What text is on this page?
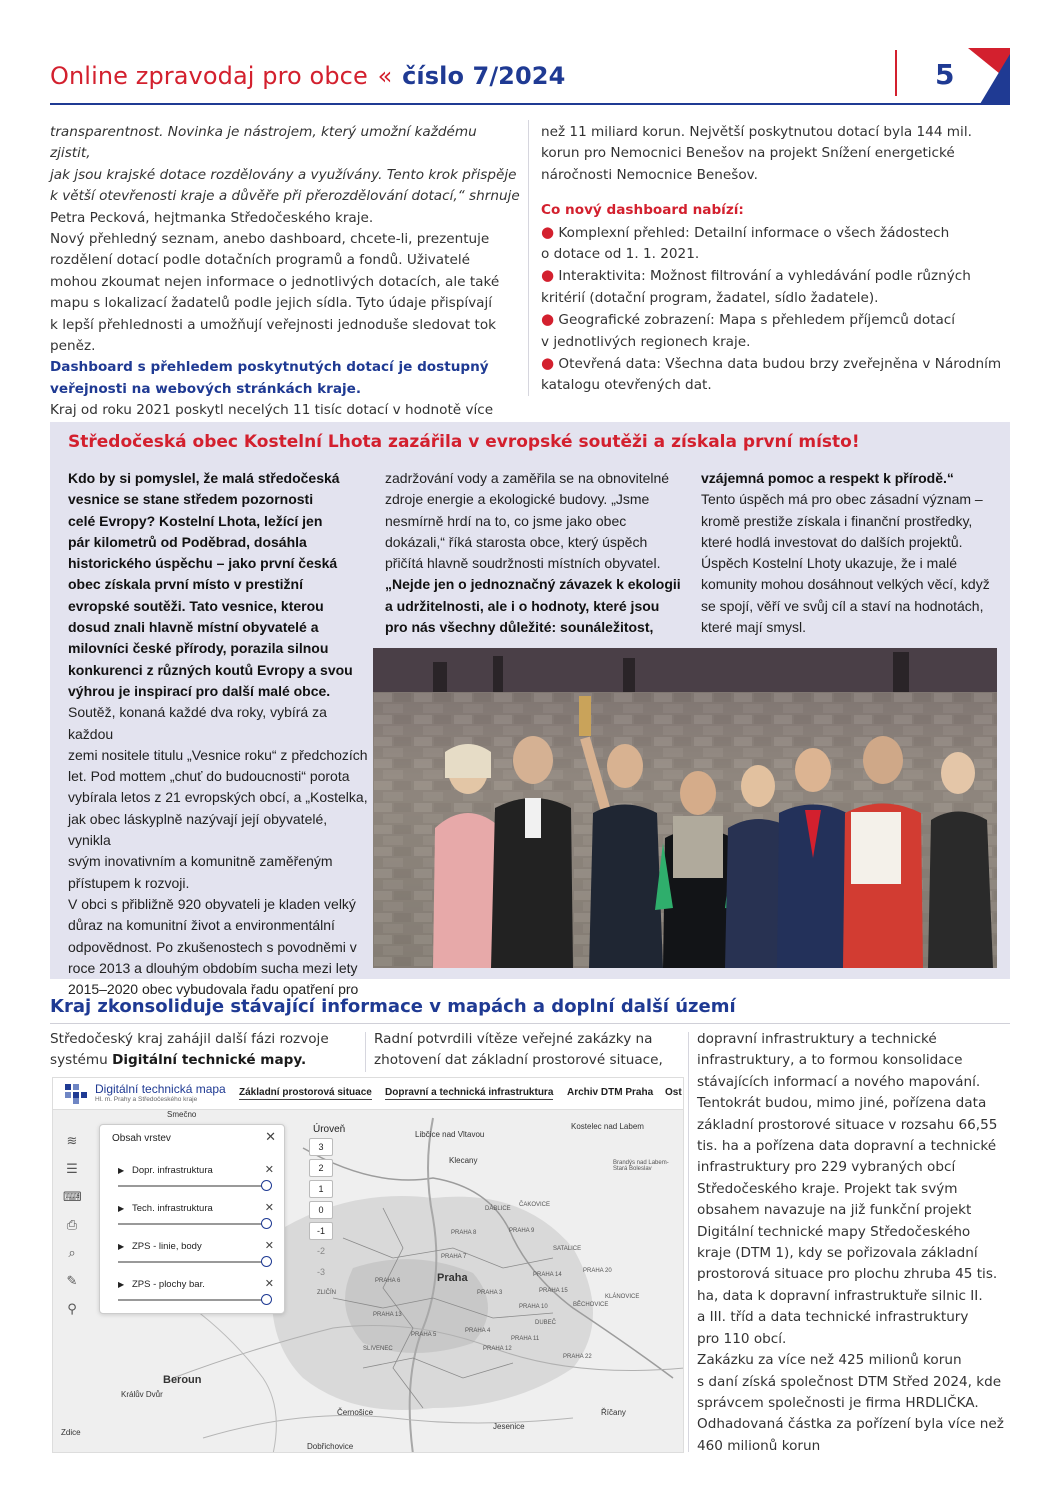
Online zpravodaj pro obce « číslo 7/2024	5

transparentnost. Novinka je nástrojem, který umožní každému zjistit,

jak jsou krajské dotace rozdělovány a využívány. Tento krok přispěje

k větší otevřenosti kraje a důvěře při přerozdělování dotací,“ shrnuje

Petra Pecková, hejtmanka Středočeského kraje.

Nový přehledný seznam, anebo dashboard, chcete-li, prezentuje

rozdělení dotací podle dotačních programů a fondů. Uživatelé

mohou zkoumat nejen informace o jednotlivých dotacích, ale také

mapu s lokalizací žadatelů podle jejich sídla. Tyto údaje přispívají

k lepší přehlednosti a umožňují veřejnosti jednoduše sledovat tok

peněz.

Dashboard s přehledem poskytnutých dotací je dostupný

veřejnosti na webových stránkách kraje.

Kraj od roku 2021 poskytl necelých 11 tisíc dotací v hodnotě více

než 11 miliard korun. Největší poskytnutou dotací byla 144 mil.

korun pro Nemocnici Benešov na projekt Snížení energetické

náročnosti Nemocnice Benešov.

Co nový dashboard nabízí:

● Komplexní přehled: Detailní informace o všech žádostech

o dotace od 1. 1. 2021.

● Interaktivita: Možnost filtrování a vyhledávání podle různých

kritérií (dotační program, žadatel, sídlo žadatele).

● Geografické zobrazení: Mapa s přehledem příjemců dotací

v jednotlivých regionech kraje.

● Otevřená data: Všechna data budou brzy zveřejněna v Národním

katalogu otevřených dat.

Středočeská obec Kostelní Lhota zazářila v evropské soutěži a získala první místo!

Kdo by si pomyslel, že malá středočeská

vesnice se stane středem pozornosti

celé Evropy? Kostelní Lhota, ležící jen

pár kilometrů od Poděbrad, dosáhla

historického úspěchu – jako první česká

obec získala první místo v prestižní

evropské soutěži. Tato vesnice, kterou

dosud znali hlavně místní obyvatelé a

milovníci české přírody, porazila silnou

konkurenci z různých koutů Evropy a svou

výhrou je inspirací pro další malé obce.

Soutěž, konaná každé dva roky, vybírá za každou

zemi nositele titulu „Vesnice roku“ z předchozích

let. Pod mottem „chuť do budoucnosti“ porota

vybírala letos z 21 evropských obcí, a „Kostelka,

jak obec láskyplně nazývají její obyvatelé, vynikla

svým inovativním a komunitně zaměřeným

přístupem k rozvoji.

V obci s přibližně 920 obyvateli je kladen velký

důraz na komunitní život a environmentální

odpovědnost. Po zkušenostech s povodněmi v

roce 2013 a dlouhým obdobím sucha mezi lety

2015–2020 obec vybudovala řadu opatření pro

zadržování vody a zaměřila se na obnovitelné

zdroje energie a ekologické budovy. „Jsme

nesmírně hrdí na to, co jsme jako obec

dokázali,“ říká starosta obce, který úspěch

přičítá hlavně soudržnosti místních obyvatel.

„Nejde jen o jednoznačný závazek k ekologii

a udržitelnosti, ale i o hodnoty, které jsou

pro nás všechny důležité: sounáležitost,

vzájemná pomoc a respekt k přírodě.“

Tento úspěch má pro obec zásadní význam –

kromě prestiže získala i finanční prostředky,

které hodlá investovat do dalších projektů.

Úspěch Kostelní Lhoty ukazuje, že i malé

komunity mohou dosáhnout velkých věcí, když

se spojí, věří ve svůj cíl a staví na hodnotách,

které mají smysl.

Kraj zkonsoliduje stávající informace v mapách a doplní další území

Středočeský kraj zahájil další fázi rozvoje

systému Digitální technické mapy.

Radní potvrdili vítěze veřejné zakázky na

zhotovení dat základní prostorové situace,

dopravní infrastruktury a technické

infrastruktury, a to formou konsolidace

stávajících informací a nového mapování.

Tentokrát budou, mimo jiné, pořízena data

základní prostorové situace v rozsahu 66,55

tis. ha a pořízena data dopravní a technické

infrastruktury pro 229 vybraných obcí

Středočeského kraje. Projekt tak svým

obsahem navazuje na již funkční projekt

Digitální technické mapy Středočeského

kraje (DTM 1), kdy se pořizovala základní

prostorová situace pro plochu zhruba 45 tis.

ha, data k dopravní infrastruktuře silnic II.

a III. tříd a data technické infrastruktury

pro 110 obcí.

Zakázku za více než 425 milionů korun

s daní získá společnost DTM Střed 2024, kde

správcem společnosti je firma HRDLIČKA.

Odhadovaná částka za pořízení byla více než

460 milionů korun

Digitální technická mapa
Hl. m. Prahy a Středočeského kraje
Základní prostorová situace Dopravní a technická infrastruktura Archiv DTM Praha Ost
≋
☰
⌨
⎙
⌕
✎
⚲
Obsah vrstev	✕
▶ Dopr. infrastruktura	✕
▶ Tech. infrastruktura	✕
▶ ZPS - linie, body	✕
▶ ZPS - plochy bar.	✕
Úroveň
3
2
1
0
-1
-2
-3
Smečno
Libčice nad Vltavou
Kostelec nad Labem
Klecany	Brandýs nad Labem-Stará Boleslav
DÁBLICE
ČAKOVICE
PRAHA 8	PRAHA 9
SATALICE
PRAHA 7
PRAHA 14
Praha
PRAHA 20
PRAHA 6
PRAHA 3
PRAHA 10
KLÁNOVICE
ZLIČÍN	PRAHA 15
PRAHA 13
PRAHA 5
BĚCHOVICE
PRAHA 4
PRAHA 11
DUBEČ
PRAHA 12
SLIVENEC
PRAHA 22
Beroun
Králův Dvůr
Černošice
Jesenice
Říčany
Dobřichovice
Zdice
